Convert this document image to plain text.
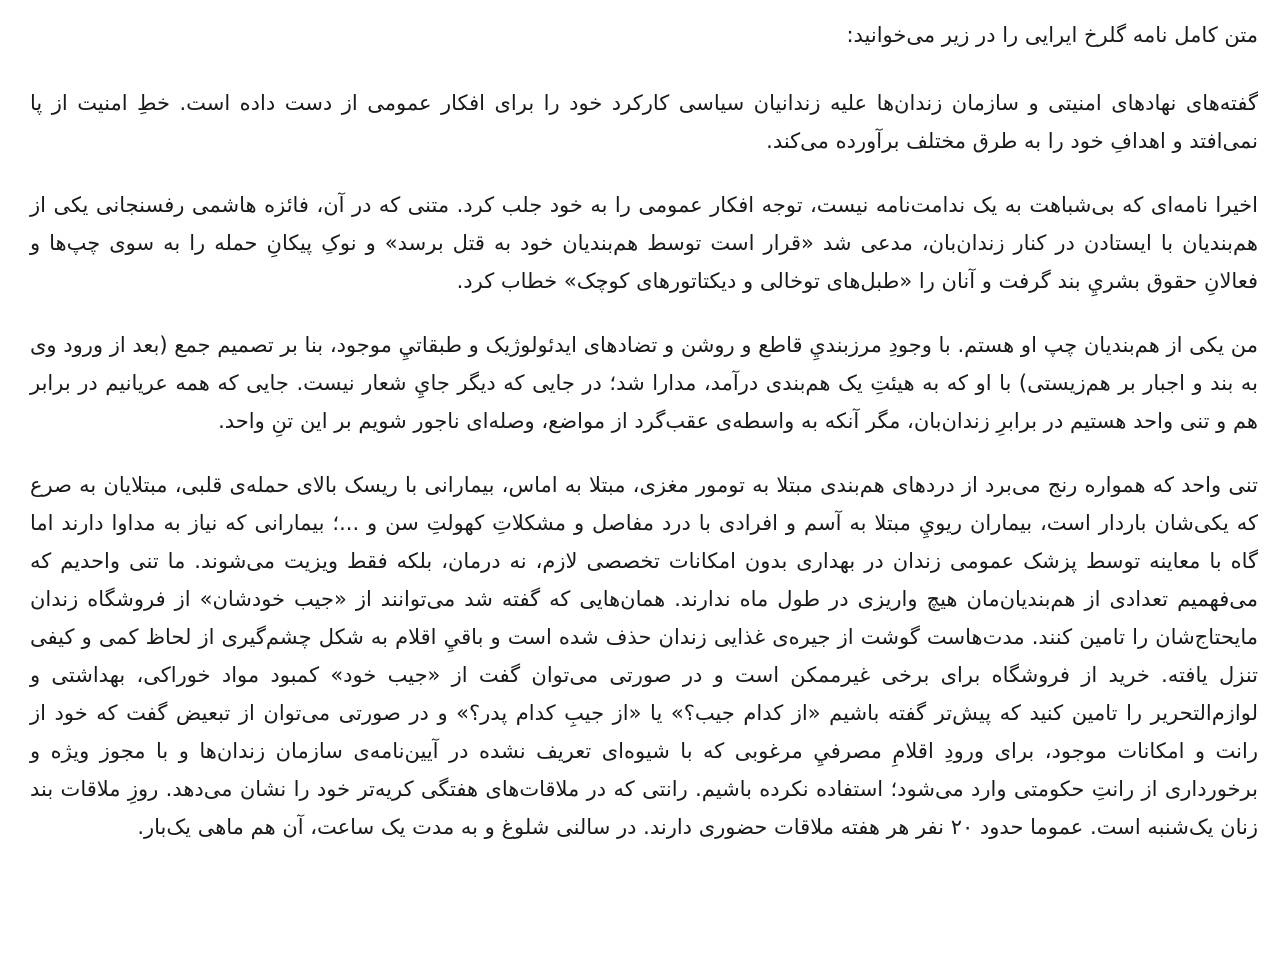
متن کامل نامه گلرخ ایرایی را در زیر می‌خوانید:

گفته‌های نهادهای امنیتی و سازمان زندان‌ها علیه زندانیان سیاسی کارکرد خود را برای افکار عمومی از دست داده است. خطِ امنیت از پا نمی‌افتد و اهدافِ خود را به طرق مختلف برآورده می‌کند.

اخیرا نامه‌ای که بی‌شباهت به یک ندامت‌نامه نیست، توجه افکار عمومی را به خود جلب کرد. متنی که در آن، فائزه هاشمی رفسنجانی یکی از هم‌بندیان با ایستادن در کنار زندان‌بان، مدعی شد «قرار است توسط هم‌بندیان خود به قتل برسد» و نوکِ پیکانِ حمله را به سوی چپ‌ها و فعالانِ حقوق بشريِ بند گرفت و آنان را «طبل‌های توخالی و دیکتاتورهای کوچک» خطاب کرد.

من یکی از هم‌بندیان چپ او هستم. با وجودِ مرزبنديِ قاطع و روشن و تضادهای ایدئولوژیک و طبقاتيِ موجود، بنا بر تصمیم جمع (بعد از ورود وی به بند و اجبار بر هم‌زیستی) با او که به هیئتِ یک هم‌بندی درآمد، مدارا شد؛ در جایی که دیگر جايِ شعار نیست. جایی که همه عریانیم در برابر هم و تنی واحد هستیم در برابرِ زندان‌بان، مگر آنکه به واسطه‌ی عقب‌گرد از مواضع، وصله‌ای ناجور شویم بر این تنِ واحد.

تنی واحد که همواره رنج می‌برد از دردهای هم‌بندی مبتلا به تومور مغزی، مبتلا به اماس، بیمارانی با ریسک بالای حمله‌ی قلبی، مبتلایان به صرع که یکی‌شان باردار است، بیماران ریويِ مبتلا به آسم و افرادی با درد مفاصل و مشکلاتِ کهولتِ سن و ...؛ بیمارانی که نیاز به مداوا دارند اما گاه با معاینه توسط پزشک عمومی زندان در بهداری بدون امکانات تخصصی لازم، نه درمان، بلکه فقط ویزیت می‌شوند. ما تنی واحدیم که می‌فهمیم تعدادی از هم‌بندیان‌مان هیچ واریزی در طول ماه ندارند. همان‌هایی که گفته شد می‌توانند از «جیب خودشان» از فروشگاه زندان مایحتاج‌شان را تامین کنند. مدت‌هاست گوشت از جیره‌ی غذایی زندان حذف شده است و باقيِ اقلام به شکل چشم‌گیری از لحاظ کمی و کیفی تنزل یافته. خرید از فروشگاه برای برخی غیرممکن است و در صورتی می‌توان گفت از «جیب خود» کمبود مواد خوراکی، بهداشتی و لوازم‌التحریر را تامین کنید که پیش‌تر گفته باشیم «از کدام جیب؟» یا «از جیبِ کدام پدر؟» و در صورتی می‌توان از تبعیض گفت که خود از رانت و امکانات موجود، برای ورودِ اقلامِ مصرفيِ مرغوبی که با شیوه‌ای تعریف نشده در آیین‌نامه‌ی سازمان زندان‌ها و با مجوز ویژه و برخورداری از رانتِ حکومتی وارد می‌شود؛ استفاده نکرده باشیم. رانتی که در ملاقات‌های هفتگی کریه‌تر خود را نشان می‌دهد. روزِ ملاقات بند زنان یک‌شنبه است. عموما حدود ۲۰ نفر هر هفته ملاقات حضوری دارند. در سالنی شلوغ و به مدت یک ساعت، آن هم ماهی یک‌بار.
